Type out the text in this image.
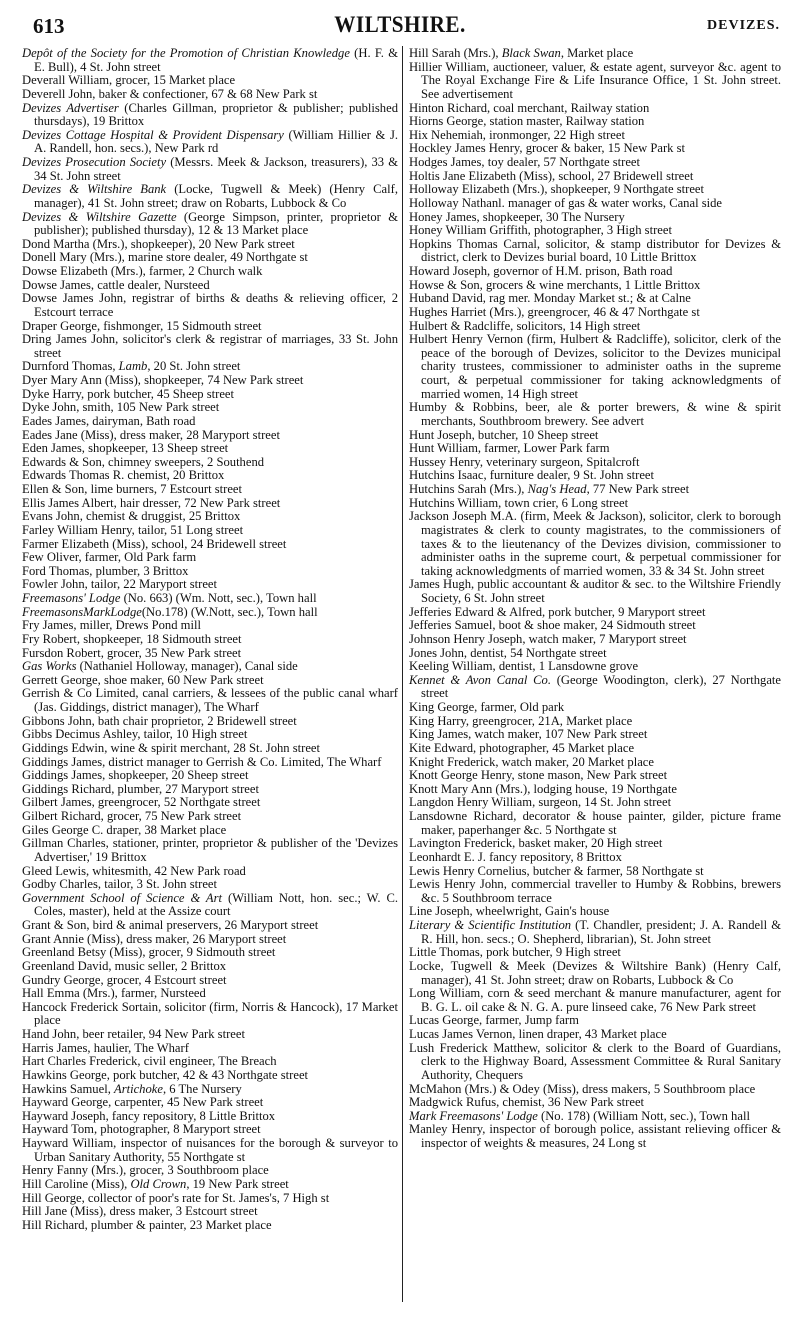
613	WILTSHIRE.	DEVIZES.

Depôt of the Society for the Promotion of Christian Knowledge (H. F. & E. Bull), 4 St. John street

Deverall William, grocer, 15 Market place

Deverell John, baker & confectioner, 67 & 68 New Park st

Devizes Advertiser (Charles Gillman, proprietor & publisher; published thursdays), 19 Brittox

Devizes Cottage Hospital & Provident Dispensary (William Hillier & J. A. Randell, hon. secs.), New Park rd

Devizes Prosecution Society (Messrs. Meek & Jackson, treasurers), 33 & 34 St. John street

Devizes & Wiltshire Bank (Locke, Tugwell & Meek) (Henry Calf, manager), 41 St. John street; draw on Robarts, Lubbock & Co

Devizes & Wiltshire Gazette (George Simpson, printer, proprietor & publisher); published thursday), 12 & 13 Market place

Dond Martha (Mrs.), shopkeeper), 20 New Park street

Donell Mary (Mrs.), marine store dealer, 49 Northgate st

Dowse Elizabeth (Mrs.), farmer, 2 Church walk

Dowse James, cattle dealer, Nursteed

Dowse James John, registrar of births & deaths & relieving officer, 2 Estcourt terrace

Draper George, fishmonger, 15 Sidmouth street

Dring James John, solicitor's clerk & registrar of marriages, 33 St. John street

Durnford Thomas, Lamb, 20 St. John street

Dyer Mary Ann (Miss), shopkeeper, 74 New Park street

Dyke Harry, pork butcher, 45 Sheep street

Dyke John, smith, 105 New Park street

Eades James, dairyman, Bath road

Eades Jane (Miss), dress maker, 28 Maryport street

Eden James, shopkeeper, 13 Sheep street

Edwards & Son, chimney sweepers, 2 Southend

Edwards Thomas R. chemist, 20 Brittox

Ellen & Son, lime burners, 7 Estcourt street

Ellis James Albert, hair dresser, 72 New Park street

Evans John, chemist & druggist, 25 Brittox

Farley William Henry, tailor, 51 Long street

Farmer Elizabeth (Miss), school, 24 Bridewell street

Few Oliver, farmer, Old Park farm

Ford Thomas, plumber, 3 Brittox

Fowler John, tailor, 22 Maryport street

Freemasons' Lodge (No. 663) (Wm. Nott, sec.), Town hall

FreemasonsMarkLodge(No.178) (W.Nott, sec.), Town hall

Fry James, miller, Drews Pond mill

Fry Robert, shopkeeper, 18 Sidmouth street

Fursdon Robert, grocer, 35 New Park street

Gas Works (Nathaniel Holloway, manager), Canal side

Gerrett George, shoe maker, 60 New Park street

Gerrish & Co Limited, canal carriers, & lessees of the public canal wharf (Jas. Giddings, district manager), The Wharf

Gibbons John, bath chair proprietor, 2 Bridewell street

Gibbs Decimus Ashley, tailor, 10 High street

Giddings Edwin, wine & spirit merchant, 28 St. John street

Giddings James, district manager to Gerrish & Co. Limited, The Wharf

Giddings James, shopkeeper, 20 Sheep street

Giddings Richard, plumber, 27 Maryport street

Gilbert James, greengrocer, 52 Northgate street

Gilbert Richard, grocer, 75 New Park street

Giles George C. draper, 38 Market place

Gillman Charles, stationer, printer, proprietor & publisher of the 'Devizes Advertiser,' 19 Brittox

Gleed Lewis, whitesmith, 42 New Park road

Godby Charles, tailor, 3 St. John street

Government School of Science & Art (William Nott, hon. sec.; W. C. Coles, master), held at the Assize court

Grant & Son, bird & animal preservers, 26 Maryport street

Grant Annie (Miss), dress maker, 26 Maryport street

Greenland Betsy (Miss), grocer, 9 Sidmouth street

Greenland David, music seller, 2 Brittox

Gundry George, grocer, 4 Estcourt street

Hall Emma (Mrs.), farmer, Nursteed

Hancock Frederick Sortain, solicitor (firm, Norris & Hancock), 17 Market place

Hand John, beer retailer, 94 New Park street

Harris James, haulier, The Wharf

Hart Charles Frederick, civil engineer, The Breach

Hawkins George, pork butcher, 42 & 43 Northgate street

Hawkins Samuel, Artichoke, 6 The Nursery

Hayward George, carpenter, 45 New Park street

Hayward Joseph, fancy repository, 8 Little Brittox

Hayward Tom, photographer, 8 Maryport street

Hayward William, inspector of nuisances for the borough & surveyor to Urban Sanitary Authority, 55 Northgate st

Henry Fanny (Mrs.), grocer, 3 Southbroom place

Hill Caroline (Miss), Old Crown, 19 New Park street

Hill George, collector of poor's rate for St. James's, 7 High st

Hill Jane (Miss), dress maker, 3 Estcourt street

Hill Richard, plumber & painter, 23 Market place

Hill Sarah (Mrs.), Black Swan, Market place

Hillier William, auctioneer, valuer, & estate agent, surveyor &c. agent to The Royal Exchange Fire & Life Insurance Office, 1 St. John street. See advertisement

Hinton Richard, coal merchant, Railway station

Hiorns George, station master, Railway station

Hix Nehemiah, ironmonger, 22 High street

Hockley James Henry, grocer & baker, 15 New Park st

Hodges James, toy dealer, 57 Northgate street

Holtis Jane Elizabeth (Miss), school, 27 Bridewell street

Holloway Elizabeth (Mrs.), shopkeeper, 9 Northgate street

Holloway Nathanl. manager of gas & water works, Canal side

Honey James, shopkeeper, 30 The Nursery

Honey William Griffith, photographer, 3 High street

Hopkins Thomas Carnal, solicitor, & stamp distributor for Devizes & district, clerk to Devizes burial board, 10 Little Brittox

Howard Joseph, governor of H.M. prison, Bath road

Howse & Son, grocers & wine merchants, 1 Little Brittox

Huband David, rag mer. Monday Market st.; & at Calne

Hughes Harriet (Mrs.), greengrocer, 46 & 47 Northgate st

Hulbert & Radcliffe, solicitors, 14 High street

Hulbert Henry Vernon (firm, Hulbert & Radcliffe), solicitor, clerk of the peace of the borough of Devizes, solicitor to the Devizes municipal charity trustees, commissioner to administer oaths in the supreme court, & perpetual commissioner for taking acknowledgments of married women, 14 High street

Humby & Robbins, beer, ale & porter brewers, & wine & spirit merchants, Southbroom brewery. See advert

Hunt Joseph, butcher, 10 Sheep street

Hunt William, farmer, Lower Park farm

Hussey Henry, veterinary surgeon, Spitalcroft

Hutchins Isaac, furniture dealer, 9 St. John street

Hutchins Sarah (Mrs.), Nag's Head, 77 New Park street

Hutchins William, town crier, 6 Long street

Jackson Joseph M.A. (firm, Meek & Jackson), solicitor, clerk to borough magistrates & clerk to county magistrates, to the commissioners of taxes & to the lieutenancy of the Devizes division, commissioner to administer oaths in the supreme court, & perpetual commissioner for taking acknowledgments of married women, 33 & 34 St. John street

James Hugh, public accountant & auditor & sec. to the Wiltshire Friendly Society, 6 St. John street

Jefferies Edward & Alfred, pork butcher, 9 Maryport street

Jefferies Samuel, boot & shoe maker, 24 Sidmouth street

Johnson Henry Joseph, watch maker, 7 Maryport street

Jones John, dentist, 54 Northgate street

Keeling William, dentist, 1 Lansdowne grove

Kennet & Avon Canal Co. (George Woodington, clerk), 27 Northgate street

King George, farmer, Old park

King Harry, greengrocer, 21A, Market place

King James, watch maker, 107 New Park street

Kite Edward, photographer, 45 Market place

Knight Frederick, watch maker, 20 Market place

Knott George Henry, stone mason, New Park street

Knott Mary Ann (Mrs.), lodging house, 19 Northgate

Langdon Henry William, surgeon, 14 St. John street

Lansdowne Richard, decorator & house painter, gilder, picture frame maker, paperhanger &c. 5 Northgate st

Lavington Frederick, basket maker, 20 High street

Leonhardt E. J. fancy repository, 8 Brittox

Lewis Henry Cornelius, butcher & farmer, 58 Northgate st

Lewis Henry John, commercial traveller to Humby & Robbins, brewers &c. 5 Southbroom terrace

Line Joseph, wheelwright, Gain's house

Literary & Scientific Institution (T. Chandler, president; J. A. Randell & R. Hill, hon. secs.; O. Shepherd, librarian), St. John street

Little Thomas, pork butcher, 9 High street

Locke, Tugwell & Meek (Devizes & Wiltshire Bank) (Henry Calf, manager), 41 St. John street; draw on Robarts, Lubbock & Co

Long William, corn & seed merchant & manure manufacturer, agent for B. G. L. oil cake & N. G. A. pure linseed cake, 76 New Park street

Lucas George, farmer, Jump farm

Lucas James Vernon, linen draper, 43 Market place

Lush Frederick Matthew, solicitor & clerk to the Board of Guardians, clerk to the Highway Board, Assessment Committee & Rural Sanitary Authority, Chequers

McMahon (Mrs.) & Odey (Miss), dress makers, 5 Southbroom place

Madgwick Rufus, chemist, 36 New Park street

Mark Freemasons' Lodge (No. 178) (William Nott, sec.), Town hall

Manley Henry, inspector of borough police, assistant relieving officer & inspector of weights & measures, 24 Long st
